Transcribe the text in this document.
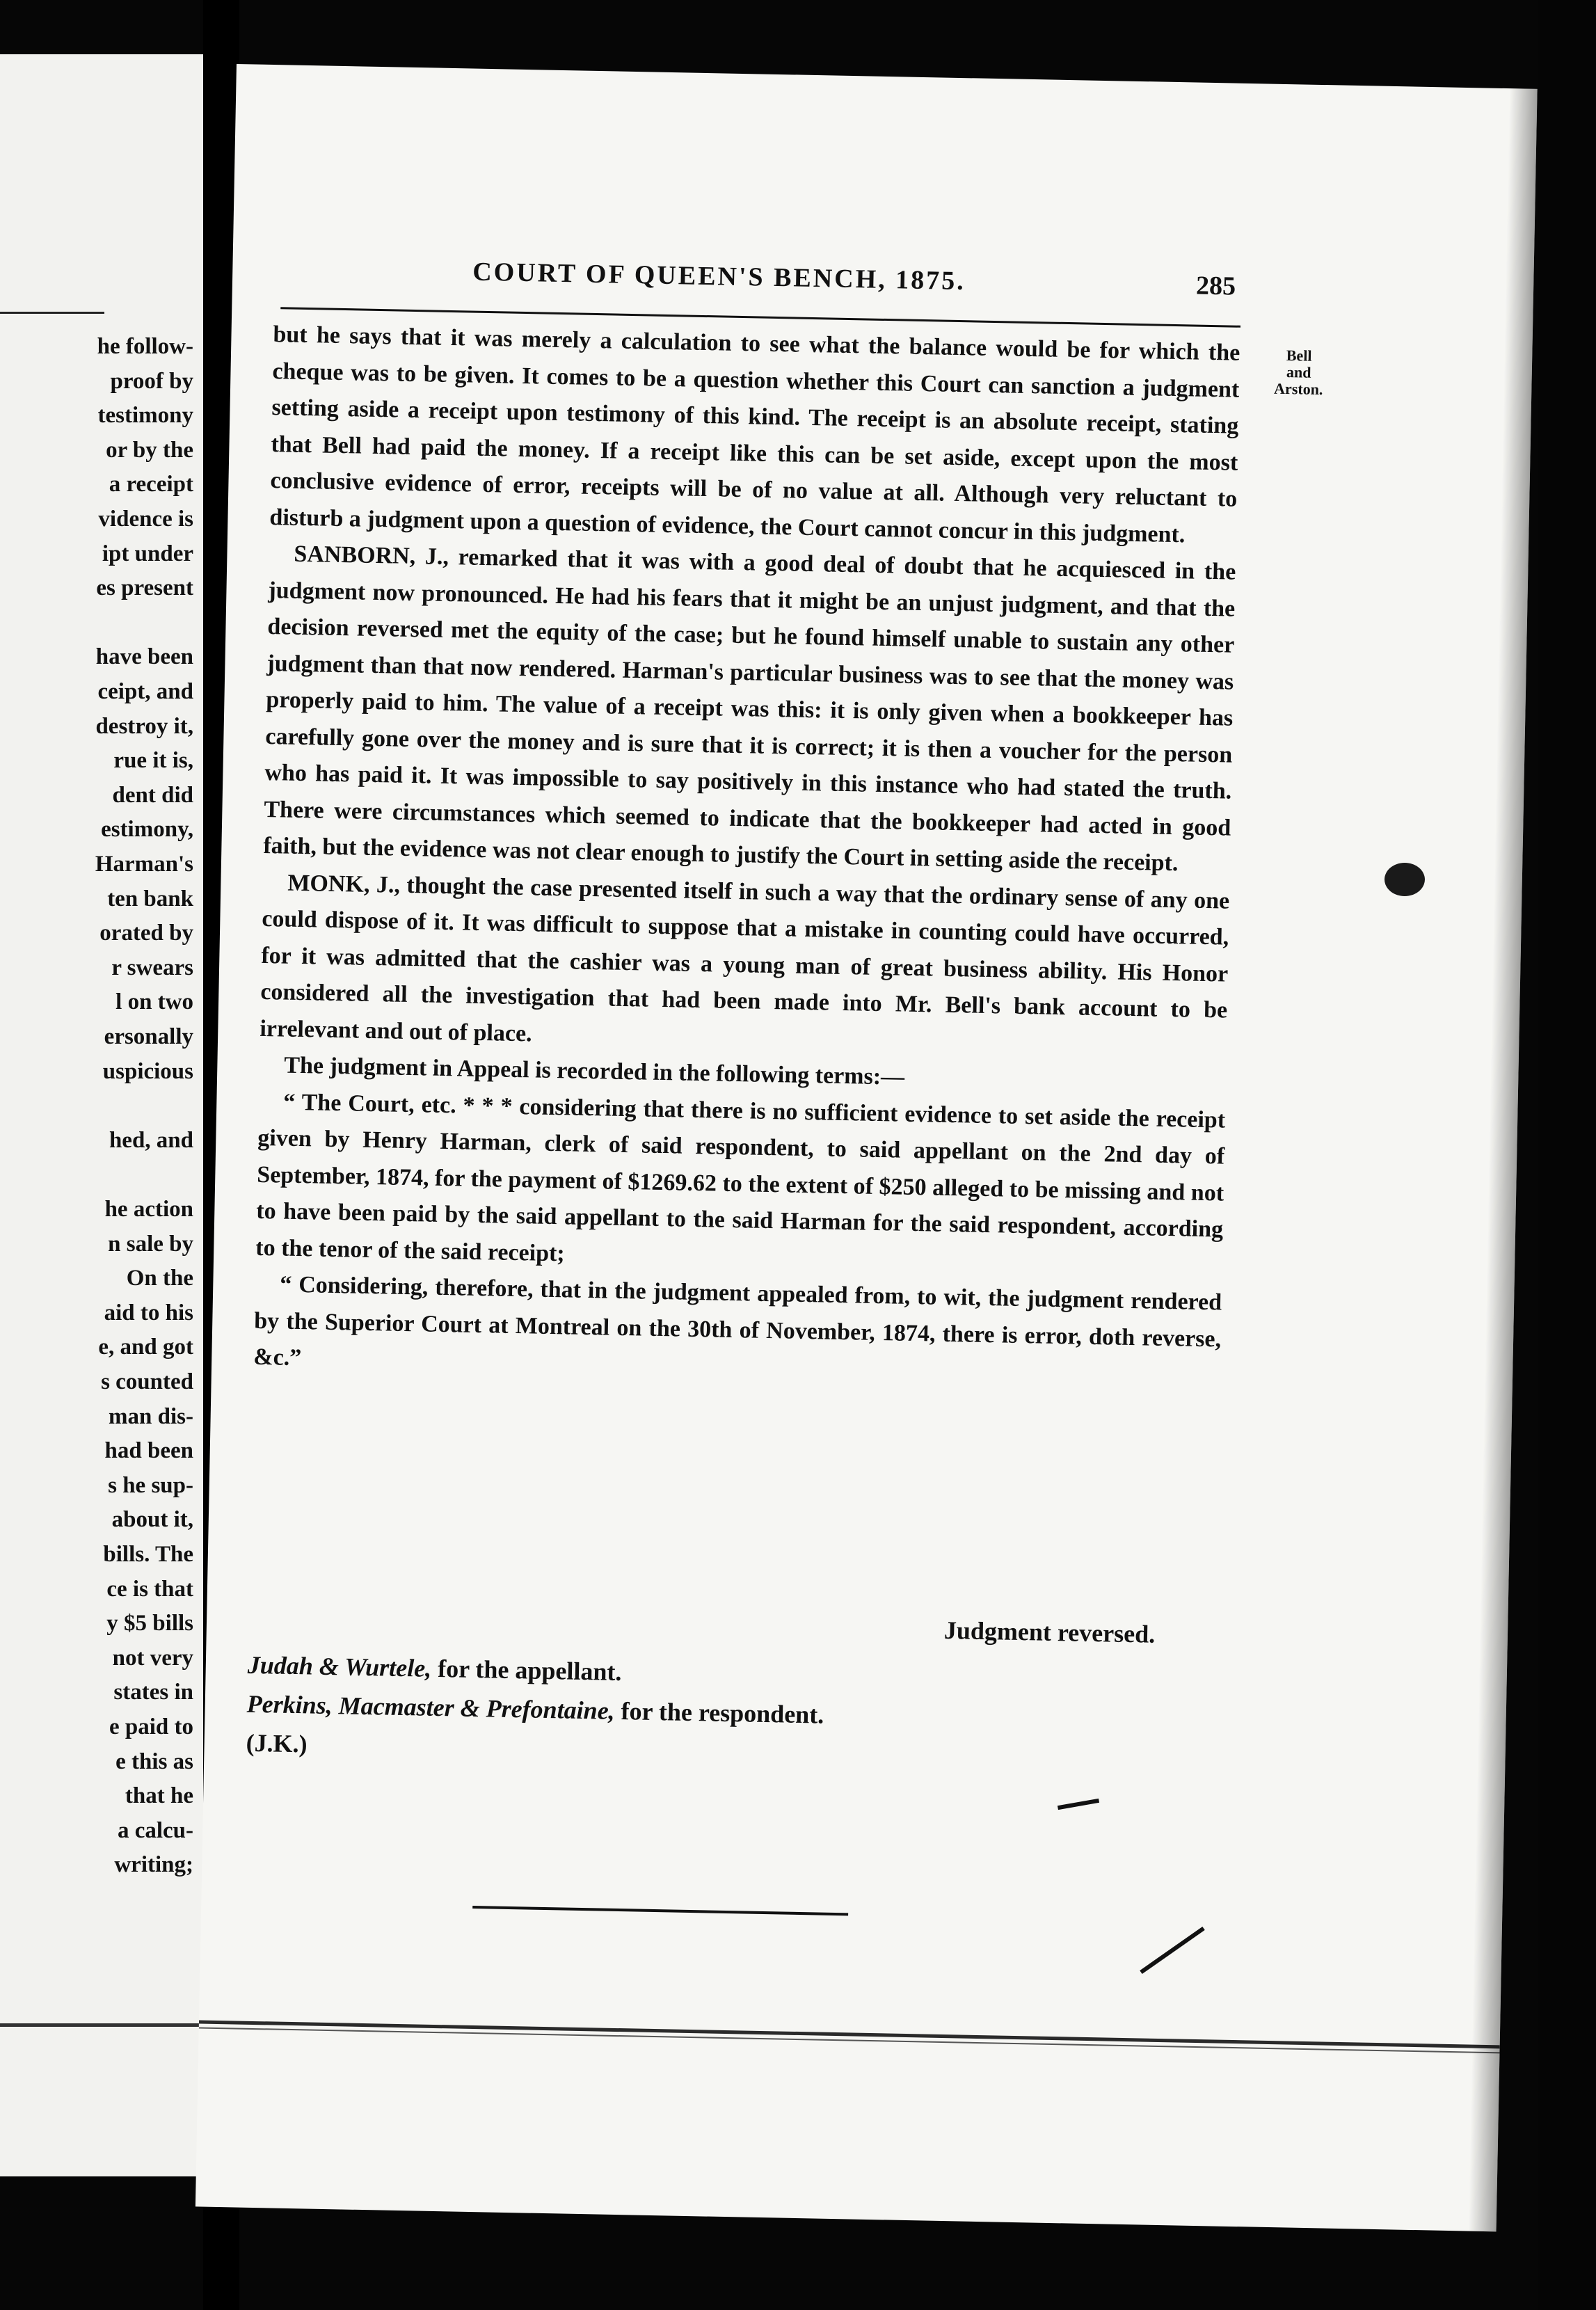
he follow-
proof by
testimony
or by the
a receipt
vidence is
ipt under
es present
have been
ceipt, and
destroy it,
rue it is,
dent did
estimony,
Harman's
ten bank
orated by
r swears
l on two
ersonally
uspicious
hed, and
he action
n sale by
On the
aid to his
e, and got
s counted
man dis-
had been
s he sup-
about it,
bills. The
ce is that
y $5 bills
not very
states in
e paid to
e this as
that he
a calcu-
writing;
COURT OF QUEEN'S BENCH, 1875.	285
Bell
and
Arston.

but he says that it was merely a calculation to see what the balance would be for which the cheque was to be given. It comes to be a question whether this Court can sanction a judgment setting aside a receipt upon testimony of this kind. The receipt is an absolute receipt, stating that Bell had paid the money. If a receipt like this can be set aside, except upon the most conclusive evidence of error, receipts will be of no value at all. Although very reluctant to disturb a judgment upon a question of evidence, the Court cannot concur in this judgment.

SANBORN, J., remarked that it was with a good deal of doubt that he acquiesced in the judgment now pronounced. He had his fears that it might be an unjust judgment, and that the decision reversed met the equity of the case; but he found himself unable to sustain any other judgment than that now rendered. Harman's particular business was to see that the money was properly paid to him. The value of a receipt was this: it is only given when a bookkeeper has carefully gone over the money and is sure that it is correct; it is then a voucher for the person who has paid it. It was impossible to say positively in this instance who had stated the truth. There were circumstances which seemed to indicate that the bookkeeper had acted in good faith, but the evidence was not clear enough to justify the Court in setting aside the receipt.

MONK, J., thought the case presented itself in such a way that the ordinary sense of any one could dispose of it. It was difficult to suppose that a mistake in counting could have occurred, for it was admitted that the cashier was a young man of great business ability. His Honor considered all the investigation that had been made into Mr. Bell's bank account to be irrelevant and out of place.

The judgment in Appeal is recorded in the following terms:—

“ The Court, etc. * * * considering that there is no sufficient evidence to set aside the receipt given by Henry Harman, clerk of said respondent, to said appellant on the 2nd day of September, 1874, for the payment of $1269.62 to the extent of $250 alleged to be missing and not to have been paid by the said appellant to the said Harman for the said respondent, according to the tenor of the said receipt;

“ Considering, therefore, that in the judgment appealed from, to wit, the judgment rendered by the Superior Court at Montreal on the 30th of November, 1874, there is error, doth reverse, &c.”

Judgment reversed.
Judah & Wurtele, for the appellant.
Perkins, Macmaster & Prefontaine, for the respondent.
(J.K.)
